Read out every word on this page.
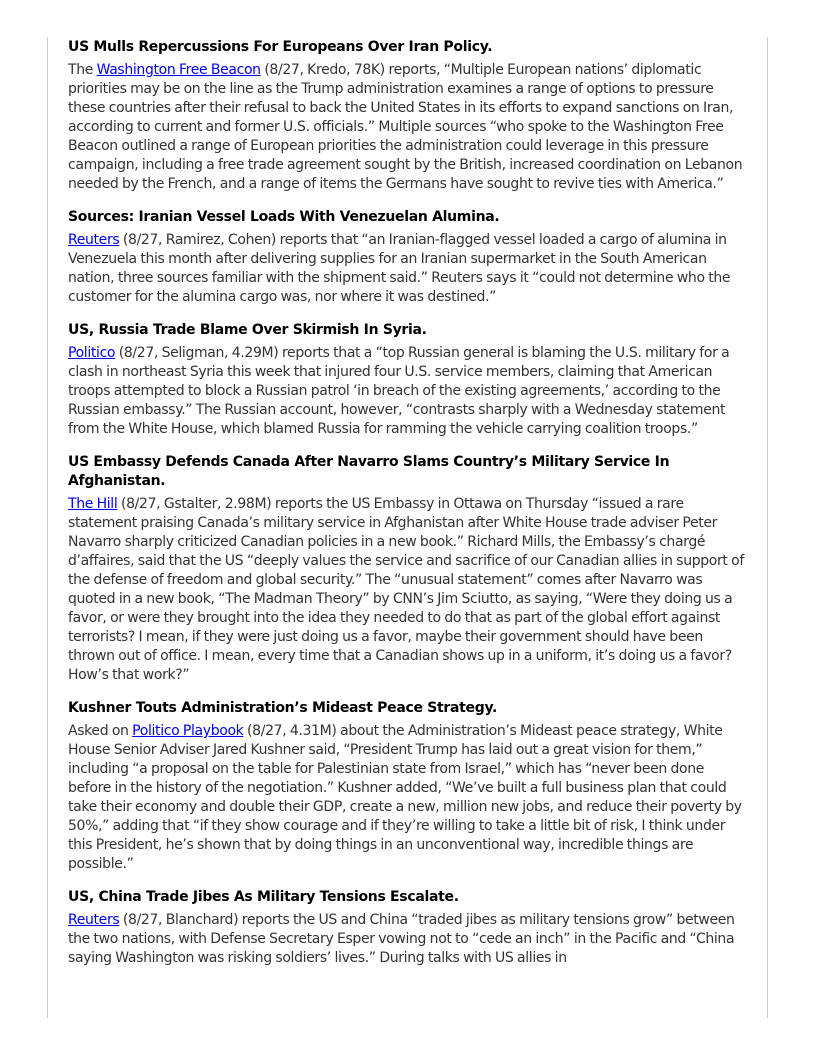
US Mulls Repercussions For Europeans Over Iran Policy.

The Washington Free Beacon (8/27, Kredo, 78K) reports, “Multiple European nations’ diplomatic priorities may be on the line as the Trump administration examines a range of options to pressure these countries after their refusal to back the United States in its efforts to expand sanctions on Iran, according to current and former U.S. officials.” Multiple sources “who spoke to the Washington Free Beacon outlined a range of European priorities the administration could leverage in this pressure campaign, including a free trade agreement sought by the British, increased coordination on Lebanon needed by the French, and a range of items the Germans have sought to revive ties with America.”

Sources: Iranian Vessel Loads With Venezuelan Alumina.

Reuters (8/27, Ramirez, Cohen) reports that “an Iranian-flagged vessel loaded a cargo of alumina in Venezuela this month after delivering supplies for an Iranian supermarket in the South American nation, three sources familiar with the shipment said.” Reuters says it “could not determine who the customer for the alumina cargo was, nor where it was destined.”

US, Russia Trade Blame Over Skirmish In Syria.

Politico (8/27, Seligman, 4.29M) reports that a “top Russian general is blaming the U.S. military for a clash in northeast Syria this week that injured four U.S. service members, claiming that American troops attempted to block a Russian patrol ‘in breach of the existing agreements,’ according to the Russian embassy.” The Russian account, however, “contrasts sharply with a Wednesday statement from the White House, which blamed Russia for ramming the vehicle carrying coalition troops.”

US Embassy Defends Canada After Navarro Slams Country’s Military Service In Afghanistan.

The Hill (8/27, Gstalter, 2.98M) reports the US Embassy in Ottawa on Thursday “issued a rare statement praising Canada’s military service in Afghanistan after White House trade adviser Peter Navarro sharply criticized Canadian policies in a new book.” Richard Mills, the Embassy’s chargé d’affaires, said that the US “deeply values the service and sacrifice of our Canadian allies in support of the defense of freedom and global security.” The “unusual statement” comes after Navarro was quoted in a new book, “The Madman Theory” by CNN’s Jim Sciutto, as saying, “Were they doing us a favor, or were they brought into the idea they needed to do that as part of the global effort against terrorists? I mean, if they were just doing us a favor, maybe their government should have been thrown out of office. I mean, every time that a Canadian shows up in a uniform, it’s doing us a favor? How’s that work?”

Kushner Touts Administration’s Mideast Peace Strategy.

Asked on Politico Playbook (8/27, 4.31M) about the Administration’s Mideast peace strategy, White House Senior Adviser Jared Kushner said, “President Trump has laid out a great vision for them,” including “a proposal on the table for Palestinian state from Israel,” which has “never been done before in the history of the negotiation.” Kushner added, “We’ve built a full business plan that could take their economy and double their GDP, create a new, million new jobs, and reduce their poverty by 50%,” adding that “if they show courage and if they’re willing to take a little bit of risk, I think under this President, he’s shown that by doing things in an unconventional way, incredible things are possible.”

US, China Trade Jibes As Military Tensions Escalate.

Reuters (8/27, Blanchard) reports the US and China “traded jibes as military tensions grow” between the two nations, with Defense Secretary Esper vowing not to “cede an inch” in the Pacific and “China saying Washington was risking soldiers’ lives.” During talks with US allies in
